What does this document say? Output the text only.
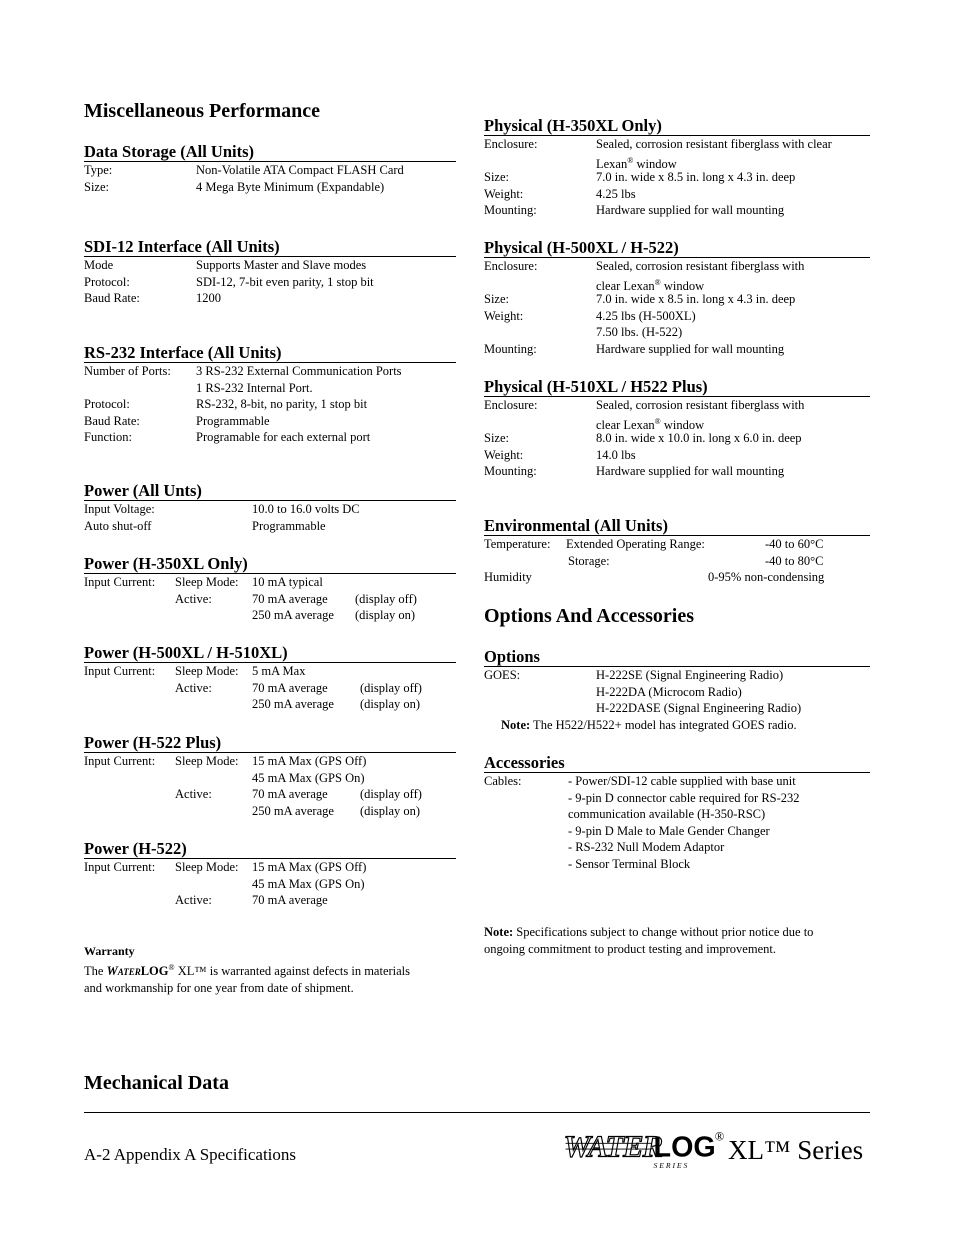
Miscellaneous Performance
Data Storage (All Units)
Type:	Non-Volatile ATA Compact FLASH Card
Size:	4 Mega Byte Minimum (Expandable)
SDI-12 Interface (All Units)
Mode	Supports Master and Slave modes
Protocol:	SDI-12, 7-bit even parity, 1 stop bit
Baud Rate:	1200
RS-232 Interface (All Units)
Number of Ports: 3 RS-232 External Communication Ports
1 RS-232 Internal Port.
Protocol:	RS-232, 8-bit, no parity, 1 stop bit
Baud Rate:	Programmable
Function:	Programable for each external port
Power (All Unts)
Input Voltage:	10.0 to 16.0 volts DC
Auto shut-off	Programmable
Power (H-350XL Only)
Input Current: Sleep Mode: 10 mA typical
Active:	70 mA average (display off)
250 mA average (display on)
Power (H-500XL / H-510XL)
Input Current: Sleep Mode: 5 mA Max
Active:	70 mA average	(display off)
250 mA average (display on)
Power (H-522 Plus)
Input Current: Sleep Mode: 15 mA Max (GPS Off)
45 mA Max (GPS On)
Active:	70 mA average	(display off)
250 mA average (display on)
Power (H-522)
Input Current: Sleep Mode: 15 mA Max (GPS Off)
45 mA Max (GPS On)
Active:	70 mA average
Warranty
The WATERLOG® XL™ is warranted against defects in materials
and workmanship for one year from date of shipment.
Mechanical Data
Physical (H-350XL Only)
Enclosure:	Sealed, corrosion resistant fiberglass with clear
Lexan® window
Size:	7.0 in. wide x 8.5 in. long x 4.3 in. deep
Weight:	4.25 lbs
Mounting:	Hardware supplied for wall mounting
Physical (H-500XL / H-522)
Enclosure:	Sealed, corrosion resistant fiberglass with
clear Lexan® window
Size:	7.0 in. wide x 8.5 in. long x 4.3 in. deep
Weight:	4.25 lbs (H-500XL)
7.50 lbs. (H-522)
Mounting:	Hardware supplied for wall mounting
Physical (H-510XL / H522 Plus)
Enclosure:	Sealed, corrosion resistant fiberglass with
clear Lexan® window
Size:	8.0 in. wide x 10.0 in. long x 6.0 in. deep
Weight:	14.0 lbs
Mounting:	Hardware supplied for wall mounting
Environmental (All Units)
Temperature: Extended Operating Range:	-40 to 60°C
Storage:	-40 to 80°C
Humidity	0-95% non-condensing
Options And Accessories
Options
GOES:	H-222SE (Signal Engineering Radio)
H-222DA (Microcom Radio)
H-222DASE (Signal Engineering Radio)
Note: The H522/H522+ model has integrated GOES radio.
Accessories
Cables:	- Power/SDI-12 cable supplied with base unit
- 9-pin D connector cable required for RS-232
communication available (H-350-RSC)
- 9-pin D Male to Male Gender Changer
- RS-232 Null Modem Adaptor
- Sensor Terminal Block
Note: Specifications subject to change without prior notice due to
ongoing commitment to product testing and improvement.
A-2 Appendix A Specifications	WATER
LOG
S E R I E S
® XL™ Series
